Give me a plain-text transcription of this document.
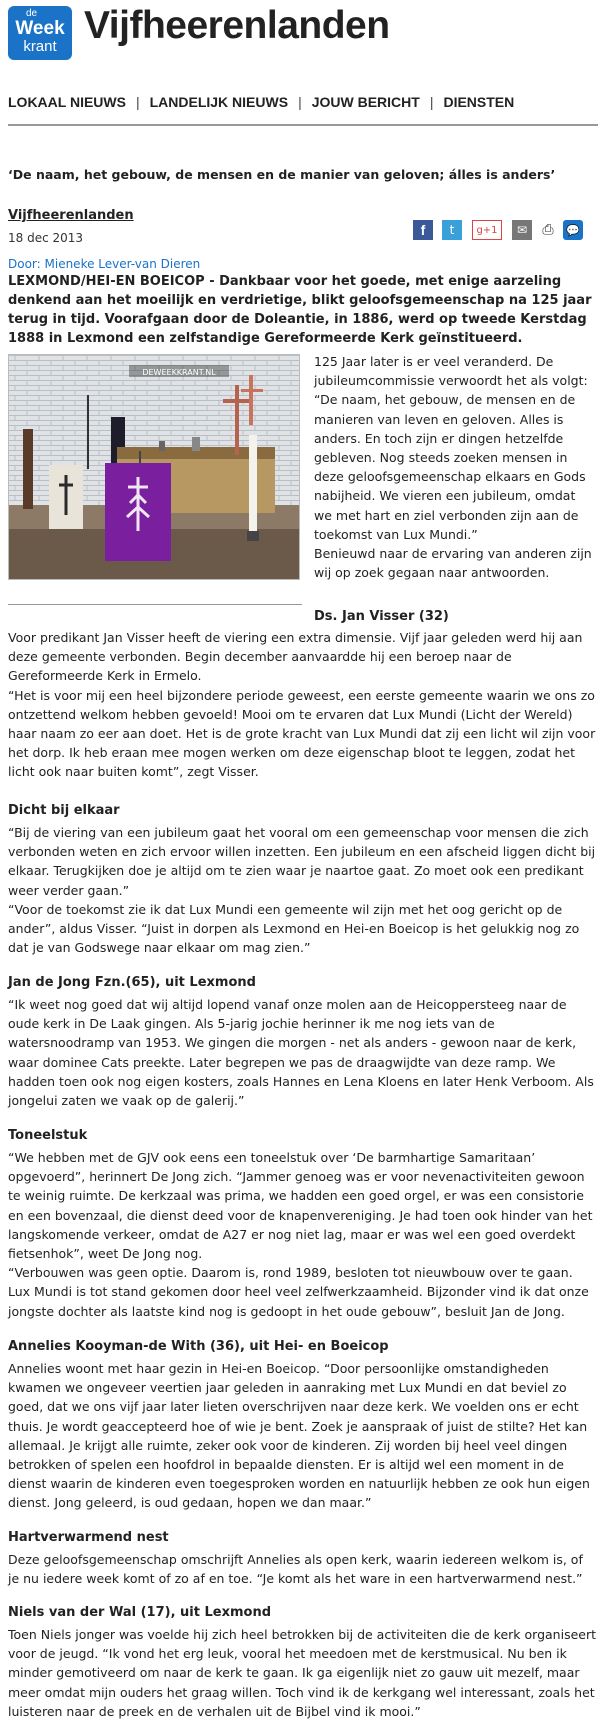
de
Week
krant Vijfheerenlanden
LOKAAL NIEUWS | LANDELIJK NIEUWS | JOUW BERICHT | DIENSTEN
‘De naam, het gebouw, de mensen en de manier van geloven; álles is anders’
Vijfheerenlanden
18 dec 2013
Door: Mieneke Lever-van Dieren
f	t	g+1	✉	⎙	💬
LEXMOND/HEI-EN BOEICOP - Dankbaar voor het goede, met enige aarzeling denkend aan het moeilijk en verdrietige, blikt geloofsgemeenschap na 125 jaar terug in tijd. Voorafgaan door de Doleantie, in 1886, werd op tweede Kerstdag 1888 in Lexmond een zelfstandige Gereformeerde Kerk geïnstitueerd.
DEWEEKKRANT.NL

125 Jaar later is er veel veranderd. De jubileumcommissie verwoordt het als volgt: “De naam, het gebouw, de mensen en de manieren van leven en geloven. Alles is anders. En toch zijn er dingen hetzelfde gebleven. Nog steeds zoeken mensen in deze geloofsgemeenschap elkaars en Gods nabijheid. We vieren een jubileum, omdat we met hart en ziel verbonden zijn aan de toekomst van Lux Mundi.”

Benieuwd naar de ervaring van anderen zijn wij op zoek gegaan naar antwoorden.

Ds. Jan Visser (32)

Voor predikant Jan Visser heeft de viering een extra dimensie. Vijf jaar geleden werd hij aan deze gemeente verbonden. Begin december aanvaardde hij een beroep naar de Gereformeerde Kerk in Ermelo.

“Het is voor mij een heel bijzondere periode geweest, een eerste gemeente waarin we ons zo ontzettend welkom hebben gevoeld! Mooi om te ervaren dat Lux Mundi (Licht der Wereld) haar naam zo eer aan doet. Het is de grote kracht van Lux Mundi dat zij een licht wil zijn voor het dorp. Ik heb eraan mee mogen werken om deze eigenschap bloot te leggen, zodat het licht ook naar buiten komt”, zegt Visser.

Dicht bij elkaar

“Bij de viering van een jubileum gaat het vooral om een gemeenschap voor mensen die zich verbonden weten en zich ervoor willen inzetten. Een jubileum en een afscheid liggen dicht bij elkaar. Terugkijken doe je altijd om te zien waar je naartoe gaat. Zo moet ook een predikant weer verder gaan.”

“Voor de toekomst zie ik dat Lux Mundi een gemeente wil zijn met het oog gericht op de ander”, aldus Visser. “Juist in dorpen als Lexmond en Hei-en Boeicop is het gelukkig nog zo dat je van Godswege naar elkaar om mag zien.”

Jan de Jong Fzn.(65), uit Lexmond

“Ik weet nog goed dat wij altijd lopend vanaf onze molen aan de Heicoppersteeg naar de oude kerk in De Laak gingen. Als 5-jarig jochie herinner ik me nog iets van de watersnoodramp van 1953. We gingen die morgen - net als anders - gewoon naar de kerk, waar dominee Cats preekte. Later begrepen we pas de draagwijdte van deze ramp. We hadden toen ook nog eigen kosters, zoals Hannes en Lena Kloens en later Henk Verboom. Als jongelui zaten we vaak op de galerij.”

Toneelstuk

“We hebben met de GJV ook eens een toneelstuk over ‘De barmhartige Samaritaan’ opgevoerd”, herinnert De Jong zich. “Jammer genoeg was er voor nevenactiviteiten gewoon te weinig ruimte. De kerkzaal was prima, we hadden een goed orgel, er was een consistorie en een bovenzaal, die dienst deed voor de knapenvereniging. Je had toen ook hinder van het langskomende verkeer, omdat de A27 er nog niet lag, maar er was wel een goed overdekt fietsenhok”, weet De Jong nog.

“Verbouwen was geen optie. Daarom is, rond 1989, besloten tot nieuwbouw over te gaan. Lux Mundi is tot stand gekomen door heel veel zelfwerkzaamheid. Bijzonder vind ik dat onze jongste dochter als laatste kind nog is gedoopt in het oude gebouw”, besluit Jan de Jong.

Annelies Kooyman-de With (36), uit Hei- en Boeicop

Annelies woont met haar gezin in Hei-en Boeicop. “Door persoonlijke omstandigheden kwamen we ongeveer veertien jaar geleden in aanraking met Lux Mundi en dat beviel zo goed, dat we ons vijf jaar later lieten overschrijven naar deze kerk. We voelden ons er echt thuis. Je wordt geaccepteerd hoe of wie je bent. Zoek je aanspraak of juist de stilte? Het kan allemaal. Je krijgt alle ruimte, zeker ook voor de kinderen. Zij worden bij heel veel dingen betrokken of spelen een hoofdrol in bepaalde diensten. Er is altijd wel een moment in de dienst waarin de kinderen even toegesproken worden en natuurlijk hebben ze ook hun eigen dienst. Jong geleerd, is oud gedaan, hopen we dan maar.”

Hartverwarmend nest

Deze geloofsgemeenschap omschrijft Annelies als open kerk, waarin iedereen welkom is, of je nu iedere week komt of zo af en toe. “Je komt als het ware in een hartverwarmend nest.”

Niels van der Wal (17), uit Lexmond

Toen Niels jonger was voelde hij zich heel betrokken bij de activiteiten die de kerk organiseert voor de jeugd. “Ik vond het erg leuk, vooral het meedoen met de kerstmusical. Nu ben ik minder gemotiveerd om naar de kerk te gaan. Ik ga eigenlijk niet zo gauw uit mezelf, maar meer omdat mijn ouders het graag willen. Toch vind ik de kerkgang wel interessant, zoals het luisteren naar de preek en de verhalen uit de Bijbel vind ik mooi.”
